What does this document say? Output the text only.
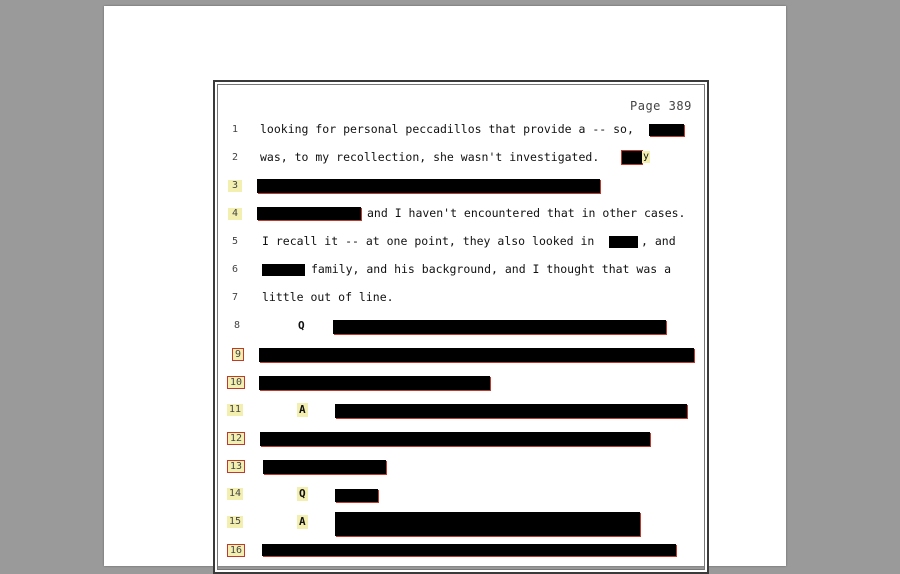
Page 389
1
2
3
4
5
6
7
8
9
10
11
12
13
14
15
16
looking for personal peccadillos that provide a -- so,
was, to my recollection, she wasn't investigated.	y
and I haven't encountered that in other cases.
I recall it -- at one point, they also looked in	, and
family, and his background, and I thought that was a
little out of line.
Q
A
Q
A
